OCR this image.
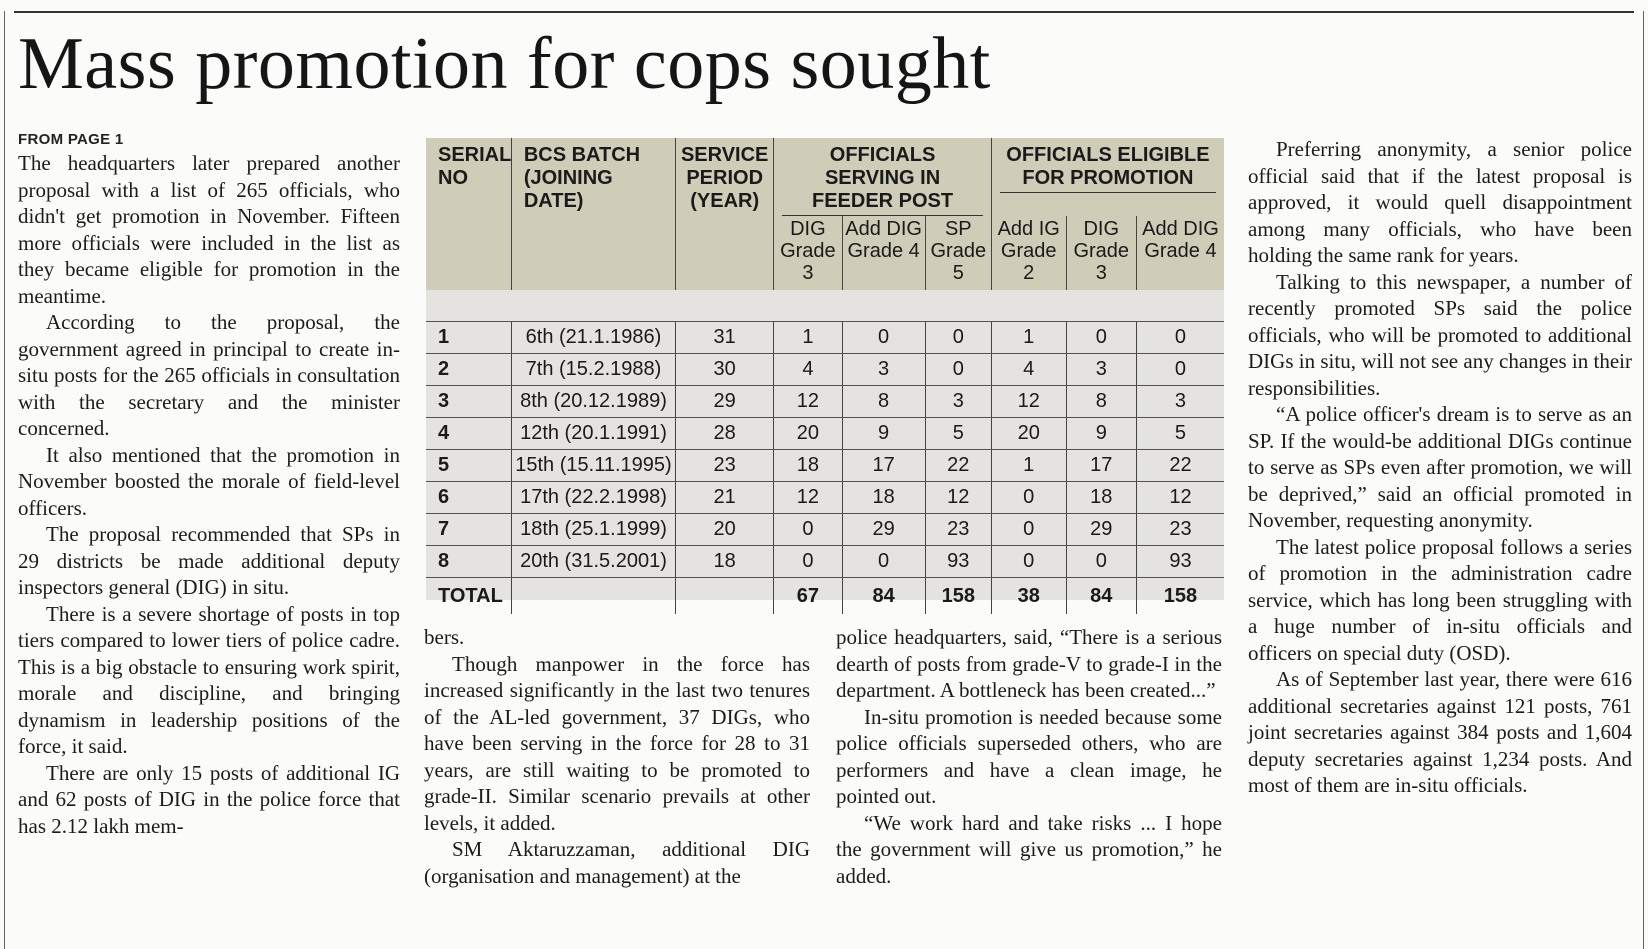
Mass promotion for cops sought
FROM PAGE 1

The headquarters later prepared another proposal with a list of 265 officials, who didn't get promotion in November. Fifteen more officials were included in the list as they became eligible for promotion in the meantime.

According to the proposal, the government agreed in principal to create in-situ posts for the 265 officials in consultation with the secretary and the minister concerned.

It also mentioned that the promotion in November boosted the morale of field-level officers.

The proposal recommended that SPs in 29 districts be made additional deputy inspectors general (DIG) in situ.

There is a severe shortage of posts in top tiers compared to lower tiers of police cadre. This is a big obstacle to ensuring work spirit, morale and discipline, and bringing dynamism in leadership positions of the force, it said.

There are only 15 posts of additional IG and 62 posts of DIG in the police force that has 2.12 lakh mem-

SERIAL NO	BCS BATCH (JOINING DATE)	SERVICE PERIOD (YEAR)	OFFICIALS SERVING IN FEEDER POST			OFFICIALS ELIGIBLE FOR PROMOTION		

			DIG Grade 3	Add DIG Grade 4	SP Grade 5	Add IG Grade 2	DIG Grade 3	Add DIG Grade 4

1	6th (21.1.1986)	31	1	0	0	1	0	0
2	7th (15.2.1988)	30	4	3	0	4	3	0
3	8th (20.12.1989)	29	12	8	3	12	8	3
4	12th (20.1.1991)	28	20	9	5	20	9	5
5	15th (15.11.1995)	23	18	17	22	1	17	22
6	17th (22.2.1998)	21	12	18	12	0	18	12
7	18th (25.1.1999)	20	0	29	23	0	29	23
8	20th (31.5.2001)	18	0	0	93	0	0	93
TOTAL			67	84	158	38	84	158

bers.

Though manpower in the force has increased significantly in the last two tenures of the AL-led government, 37 DIGs, who have been serving in the force for 28 to 31 years, are still waiting to be promoted to grade-II. Similar scenario prevails at other levels, it added.

SM Aktaruzzaman, additional DIG (organisation and management) at the

police headquarters, said, “There is a serious dearth of posts from grade-V to grade-I in the department. A bottleneck has been created...”

In-situ promotion is needed because some police officials superseded others, who are performers and have a clean image, he pointed out.

“We work hard and take risks ... I hope the government will give us promotion,” he added.

Preferring anonymity, a senior police official said that if the latest proposal is approved, it would quell disappointment among many officials, who have been holding the same rank for years.

Talking to this newspaper, a number of recently promoted SPs said the police officials, who will be promoted to additional DIGs in situ, will not see any changes in their responsibilities.

“A police officer's dream is to serve as an SP. If the would-be additional DIGs continue to serve as SPs even after promotion, we will be deprived,” said an official promoted in November, requesting anonymity.

The latest police proposal follows a series of promotion in the administration cadre service, which has long been struggling with a huge number of in-situ officials and officers on special duty (OSD).

As of September last year, there were 616 additional secretaries against 121 posts, 761 joint secretaries against 384 posts and 1,604 deputy secretaries against 1,234 posts. And most of them are in-situ officials.
